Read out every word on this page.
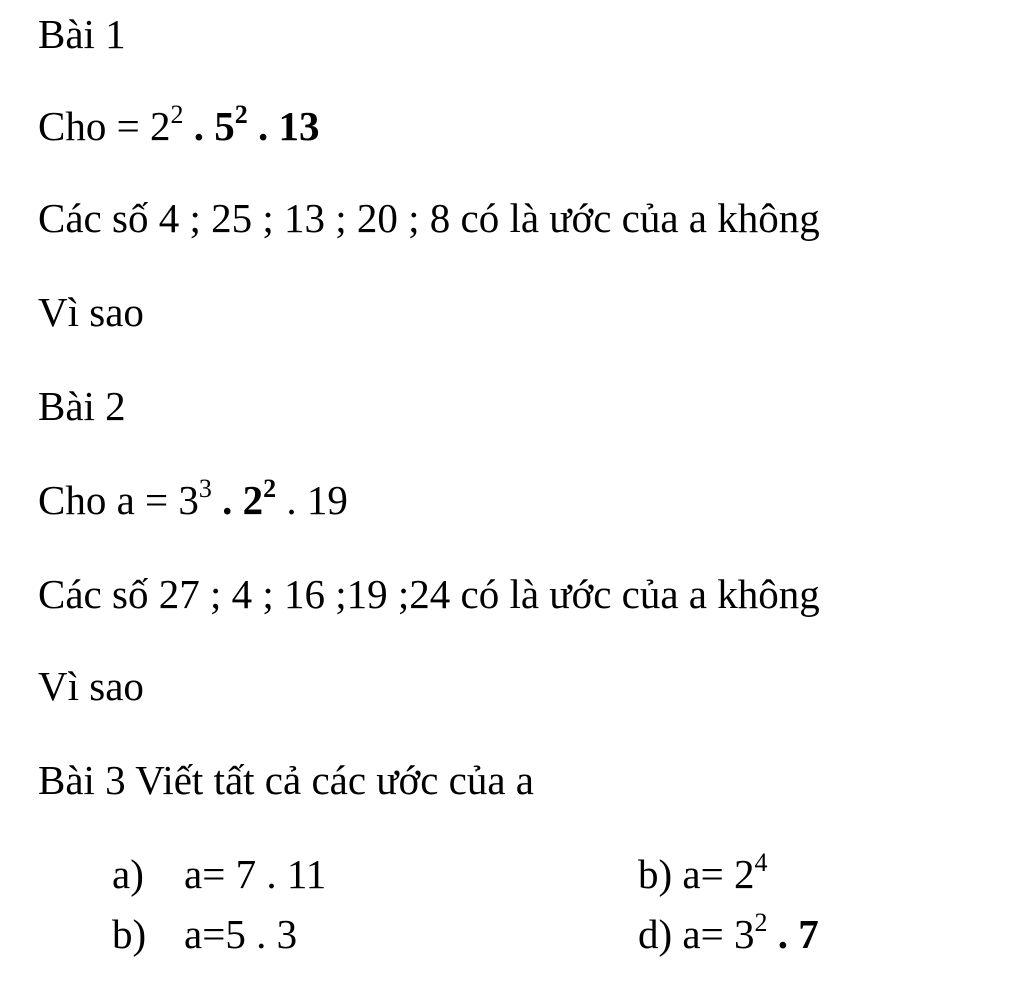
Bài 1
Cho = $2^2$ . $5^2$ . 13
Các số 4 ; 25 ; 13 ; 20 ; 8 có là ước của a không
Vì sao
Bài 2
Cho $a = 3^3$ . $2^2$ . 19
Các số 27 ; 4 ; 16 ;19 ;24 có là ước của a không
Vì sao
Bài 3 Viết tất cả các ước của a
a) a= 7 . 11	b) $a= 2^4$
b) a=5 . 3	d) $a= 3^2$ . 7
